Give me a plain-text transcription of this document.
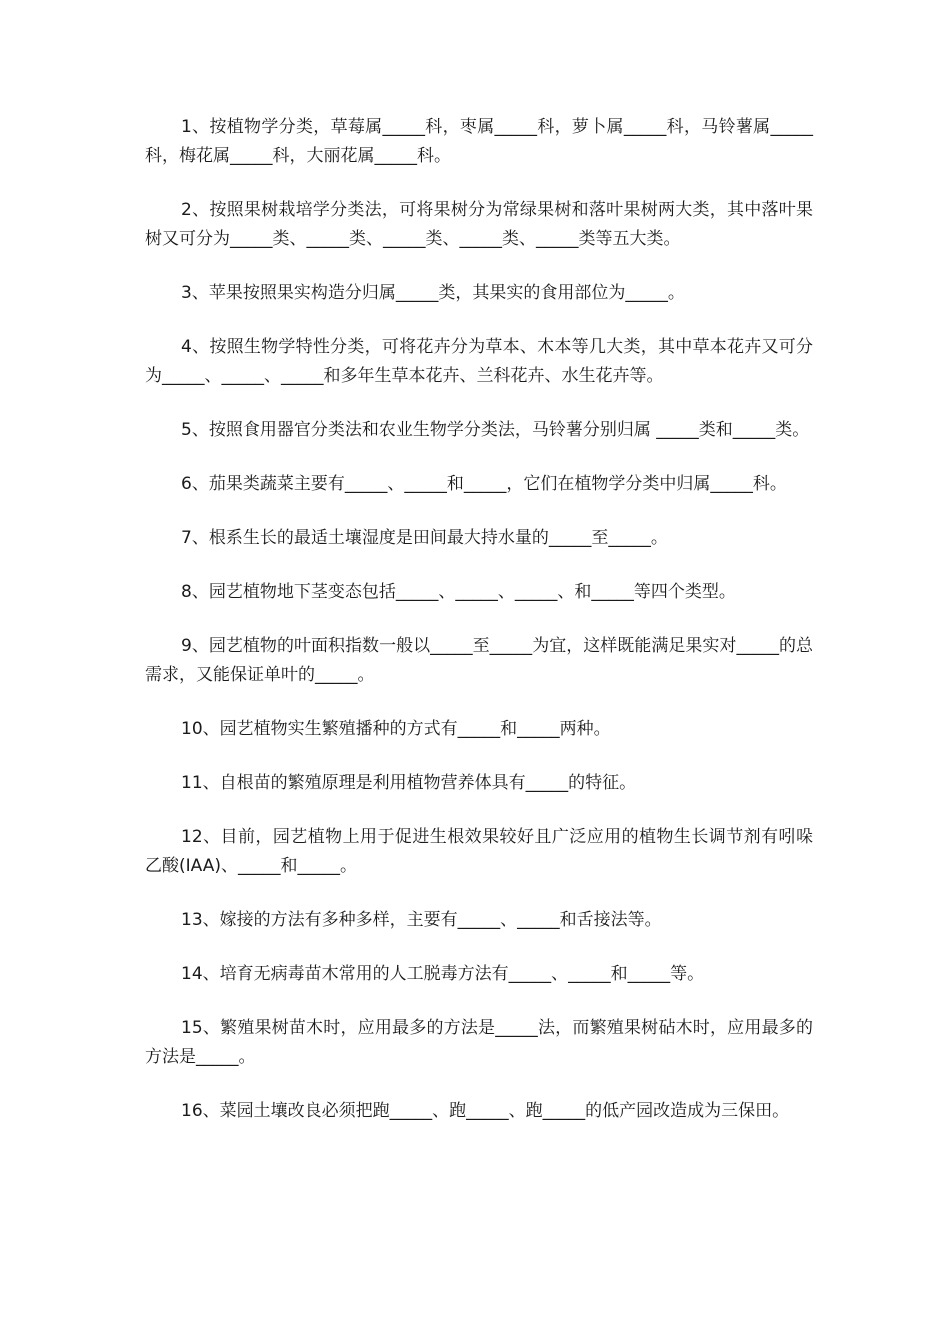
1、按植物学分类，草莓属_____科，枣属_____科，萝卜属_____科，马铃薯属_____科，梅花属_____科，大丽花属_____科。

2、按照果树栽培学分类法，可将果树分为常绿果树和落叶果树两大类，其中落叶果树又可分为_____类、_____类、_____类、_____类、_____类等五大类。

3、苹果按照果实构造分归属_____类，其果实的食用部位为_____。

4、按照生物学特性分类，可将花卉分为草本、木本等几大类，其中草本花卉又可分为_____、_____、_____和多年生草本花卉、兰科花卉、水生花卉等。

5、按照食用器官分类法和农业生物学分类法，马铃薯分别归属 _____类和_____类。

6、茄果类蔬菜主要有_____、_____和_____，它们在植物学分类中归属_____科。

7、根系生长的最适土壤湿度是田间最大持水量的_____至_____。

8、园艺植物地下茎变态包括_____、_____、_____、和_____等四个类型。

9、园艺植物的叶面积指数一般以_____至_____为宜，这样既能满足果实对_____的总需求，又能保证单叶的_____。

10、园艺植物实生繁殖播种的方式有_____和_____两种。

11、自根苗的繁殖原理是利用植物营养体具有_____的特征。

12、目前，园艺植物上用于促进生根效果较好且广泛应用的植物生长调节剂有吲哚乙酸(IAA)、_____和_____。

13、嫁接的方法有多种多样，主要有_____、_____和舌接法等。

14、培育无病毒苗木常用的人工脱毒方法有_____、_____和_____等。

15、繁殖果树苗木时，应用最多的方法是_____法，而繁殖果树砧木时，应用最多的方法是_____。

16、菜园土壤改良必须把跑_____、跑_____、跑_____的低产园改造成为三保田。
